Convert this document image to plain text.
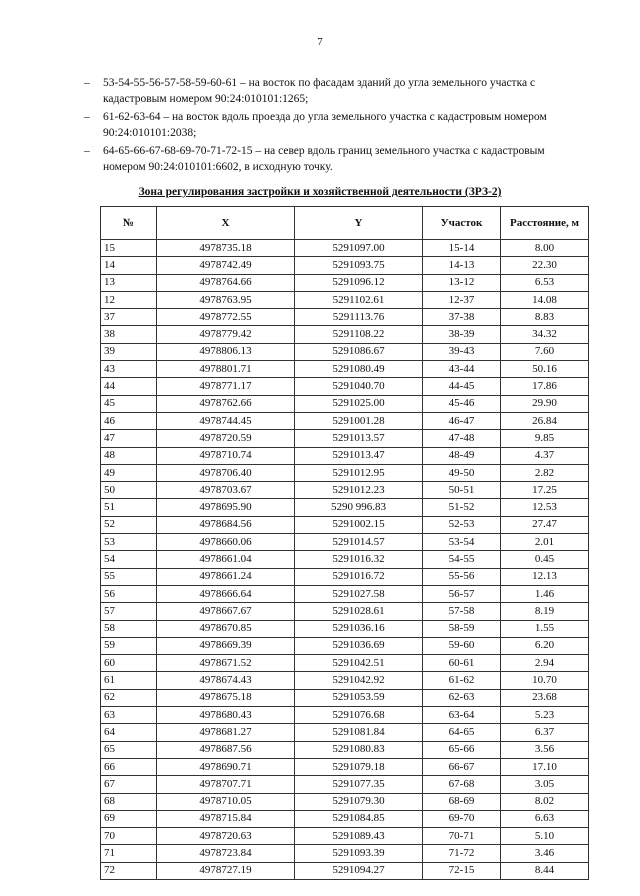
7
– 53-54-55-56-57-58-59-60-61 – на восток по фасадам зданий до угла земельного участка с кадастровым номером 90:24:010101:1265;
– 61-62-63-64 – на восток вдоль проезда до угла земельного участка с кадастровым номером 90:24:010101:2038;
– 64-65-66-67-68-69-70-71-72-15 – на север вдоль границ земельного участка с кадастровым номером 90:24:010101:6602, в исходную точку.
Зона регулирования застройки и хозяйственной деятельности (ЗРЗ-2)
№	X	Y	Участок	Расстояние, м
15	4978735.18	5291097.00	15-14	8.00
14	4978742.49	5291093.75	14-13	22.30
13	4978764.66	5291096.12	13-12	6.53
12	4978763.95	5291102.61	12-37	14.08
37	4978772.55	5291113.76	37-38	8.83
38	4978779.42	5291108.22	38-39	34.32
39	4978806.13	5291086.67	39-43	7.60
43	4978801.71	5291080.49	43-44	50.16
44	4978771.17	5291040.70	44-45	17.86
45	4978762.66	5291025.00	45-46	29.90
46	4978744.45	5291001.28	46-47	26.84
47	4978720.59	5291013.57	47-48	9.85
48	4978710.74	5291013.47	48-49	4.37
49	4978706.40	5291012.95	49-50	2.82
50	4978703.67	5291012.23	50-51	17.25
51	4978695.90	5290 996.83	51-52	12.53
52	4978684.56	5291002.15	52-53	27.47
53	4978660.06	5291014.57	53-54	2.01
54	4978661.04	5291016.32	54-55	0.45
55	4978661.24	5291016.72	55-56	12.13
56	4978666.64	5291027.58	56-57	1.46
57	4978667.67	5291028.61	57-58	8.19
58	4978670.85	5291036.16	58-59	1.55
59	4978669.39	5291036.69	59-60	6.20
60	4978671.52	5291042.51	60-61	2.94
61	4978674.43	5291042.92	61-62	10.70
62	4978675.18	5291053.59	62-63	23.68
63	4978680.43	5291076.68	63-64	5.23
64	4978681.27	5291081.84	64-65	6.37
65	4978687.56	5291080.83	65-66	3.56
66	4978690.71	5291079.18	66-67	17.10
67	4978707.71	5291077.35	67-68	3.05
68	4978710.05	5291079.30	68-69	8.02
69	4978715.84	5291084.85	69-70	6.63
70	4978720.63	5291089.43	70-71	5.10
71	4978723.84	5291093.39	71-72	3.46
72	4978727.19	5291094.27	72-15	8.44
